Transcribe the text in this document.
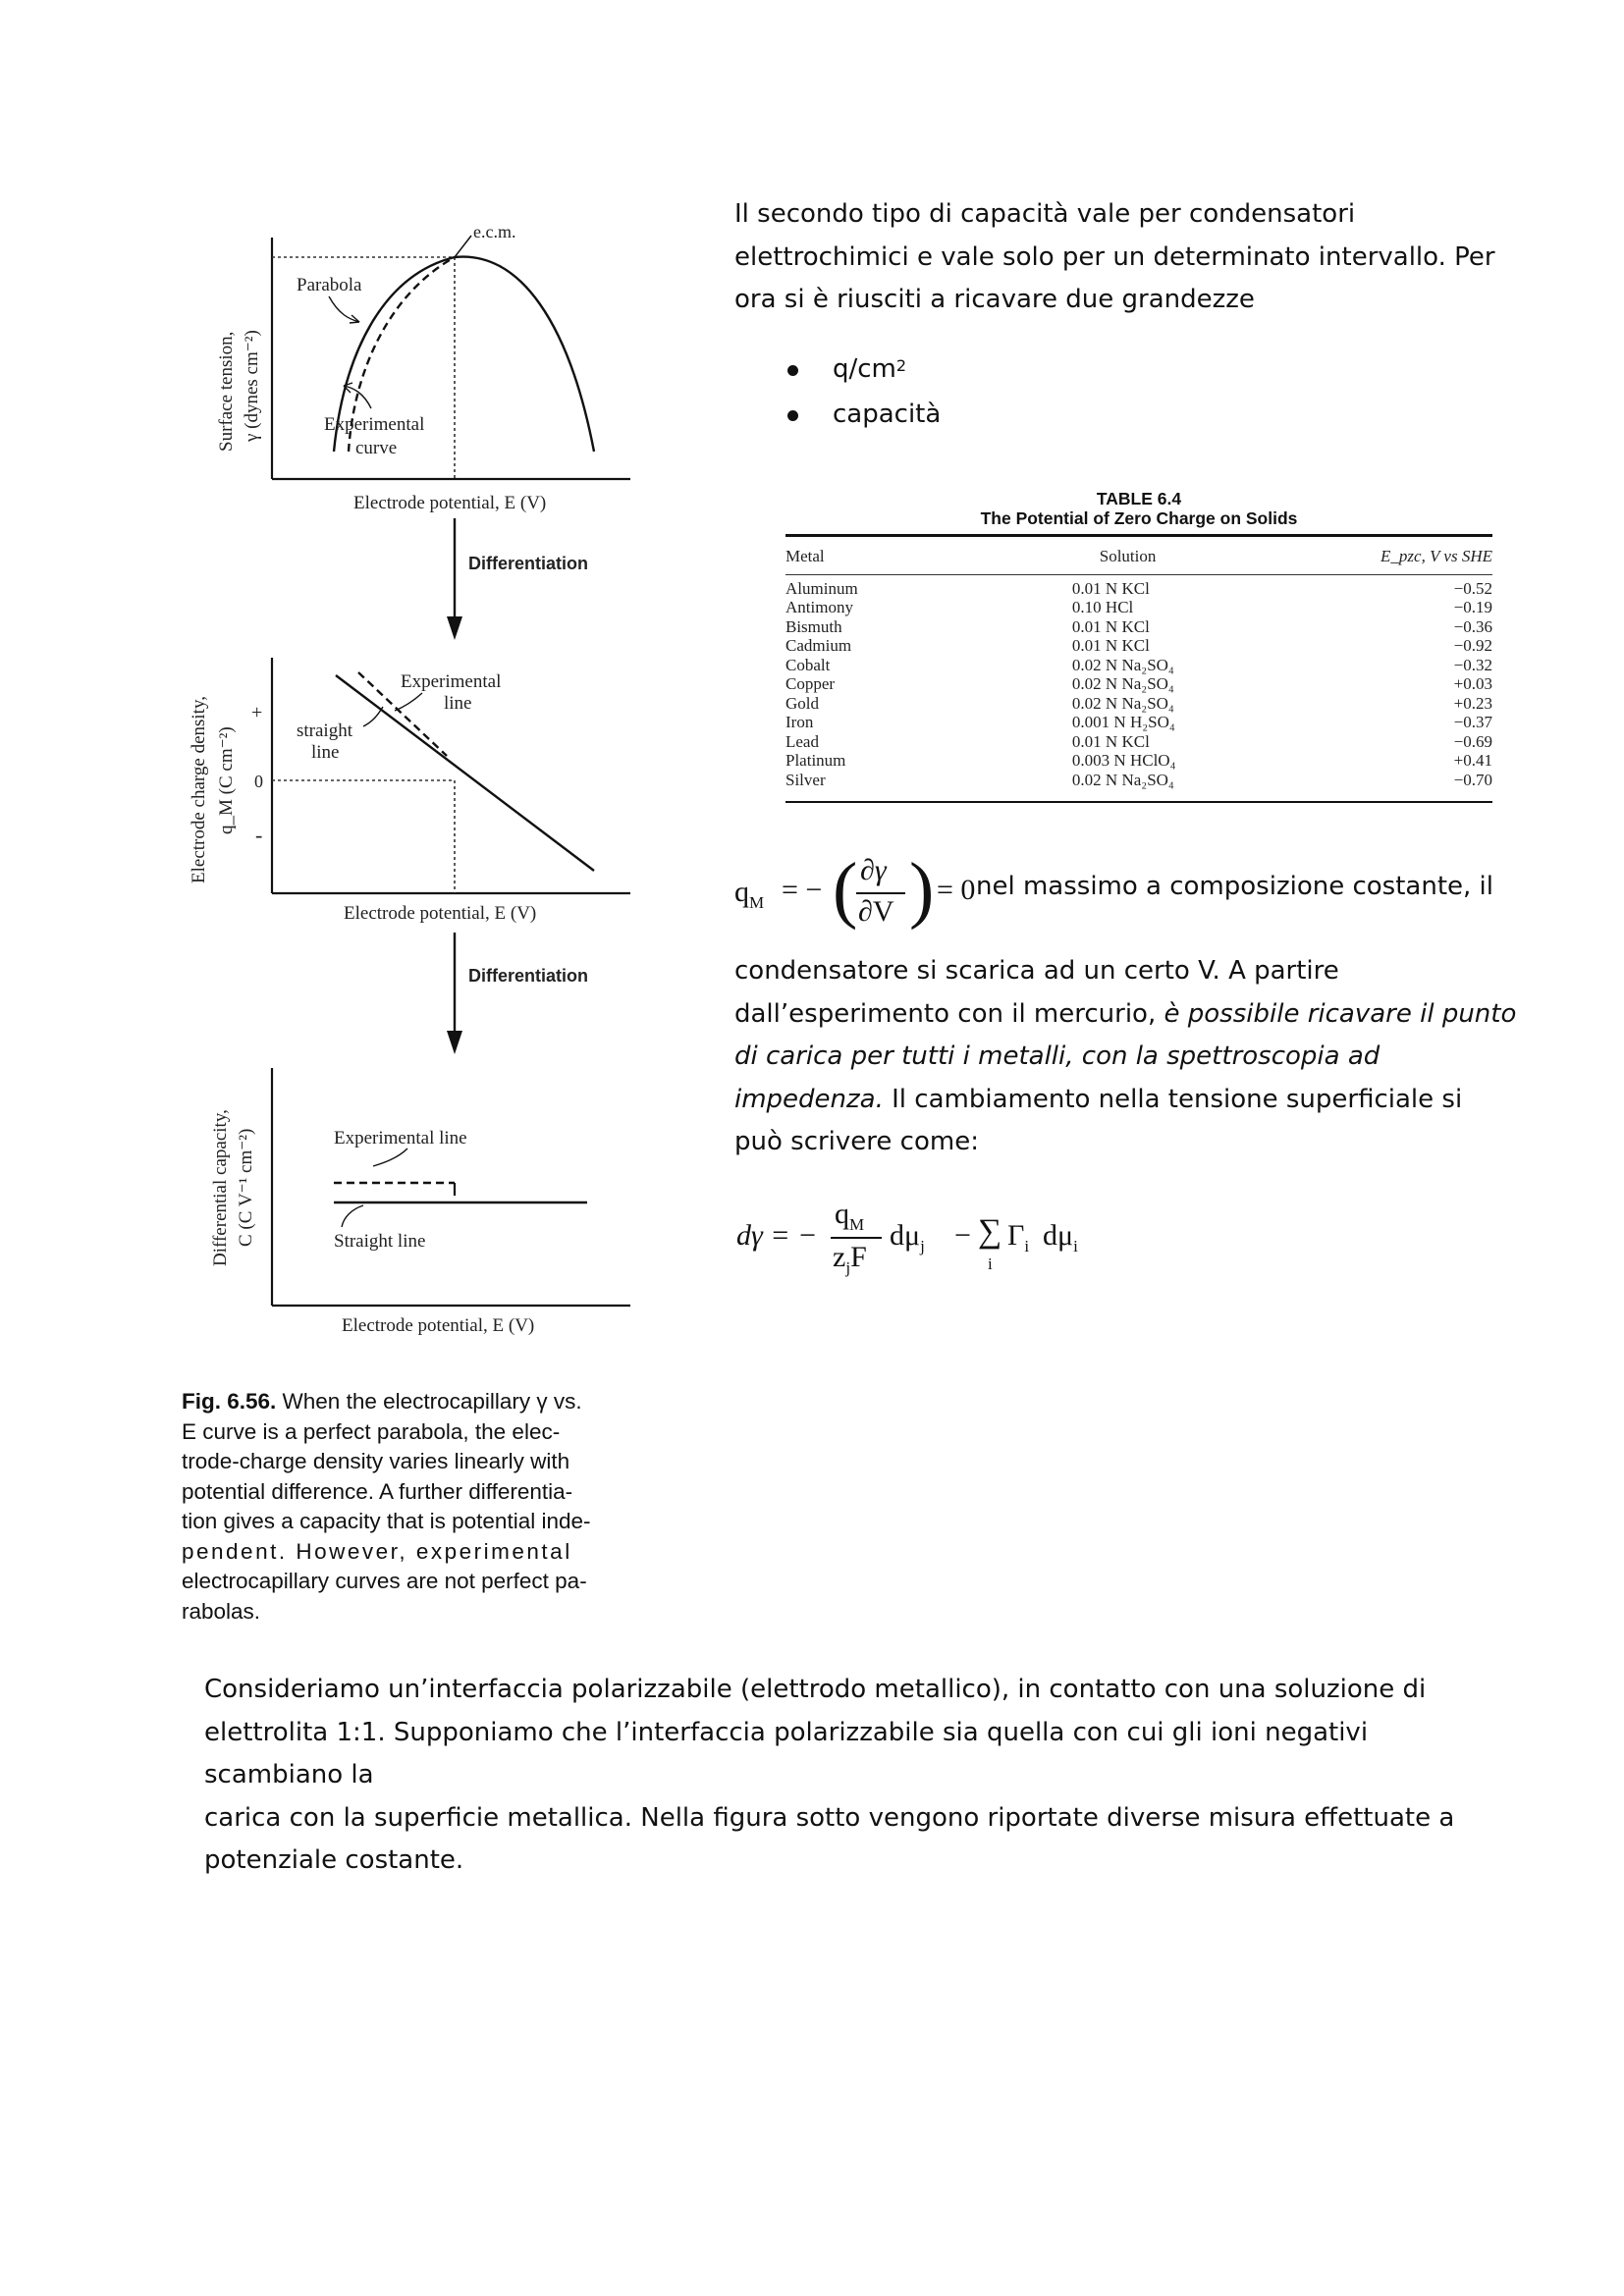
e.c.m.
Parabola
Experimental
curve
Electrode potential, E (V)
Surface tension, γ (dynes cm⁻²)
Differentiation
+
0
-
Experimental
line
straight
line
Electrode potential, E (V)
Electrode charge density, q_M (C cm⁻²)
Differentiation
Experimental line
Straight line
Electrode potential, E (V)
Differential capacity, C (C V⁻¹ cm⁻²)
Fig. 6.56. When the electrocapillary γ vs.
E curve is a perfect parabola, the elec-
trode-charge density varies linearly with
potential difference. A further differentia-
tion gives a capacity that is potential inde-
pendent. However, experimental
electrocapillary curves are not perfect pa-
rabolas.
Il secondo tipo di capacità vale per condensatori
elettrochimici e vale solo per un determinato intervallo. Per
ora si è riusciti a ricavare due grandezze
$q/cm^2$
capacità
TABLE 6.4
The Potential of Zero Charge on Solids
Metal	Solution	E_pzc, V vs SHE
Aluminum	0.01 N KCl	−0.52
Antimony	0.10 HCl	−0.19
Bismuth	0.01 N KCl	−0.36
Cadmium	0.01 N KCl	−0.92
Cobalt	0.02 N Na₂SO₄	−0.32
Copper	0.02 N Na₂SO₄	+0.03
Gold	0.02 N Na₂SO₄	+0.23
Iron	0.001 N H₂SO₄	−0.37
Lead	0.01 N KCl	−0.69
Platinum	0.003 N HClO₄	+0.41
Silver	0.02 N Na₂SO₄	−0.70
$q_M$ = − ( ∂γ
∂V ) = 0 nel massimo a composizione costante, il
condensatore si scarica ad un certo V. A partire
dall’esperimento con il mercurio, è possibile ricavare il punto
di carica per tutti i metalli, con la spettroscopia ad
impedenza. Il cambiamento nella tensione superficiale si
può scrivere come:
dγ = −
$q_M$
$z_jF$
$d\mu_j$ − ∑
i
$\Gamma_i$ $d\mu_i$
Consideriamo un’interfaccia polarizzabile (elettrodo metallico), in contatto con una soluzione di
elettrolita 1:1. Supponiamo che l’interfaccia polarizzabile sia quella con cui gli ioni negativi scambiano la
carica con la superficie metallica. Nella figura sotto vengono riportate diverse misura effettuate a
potenziale costante.
